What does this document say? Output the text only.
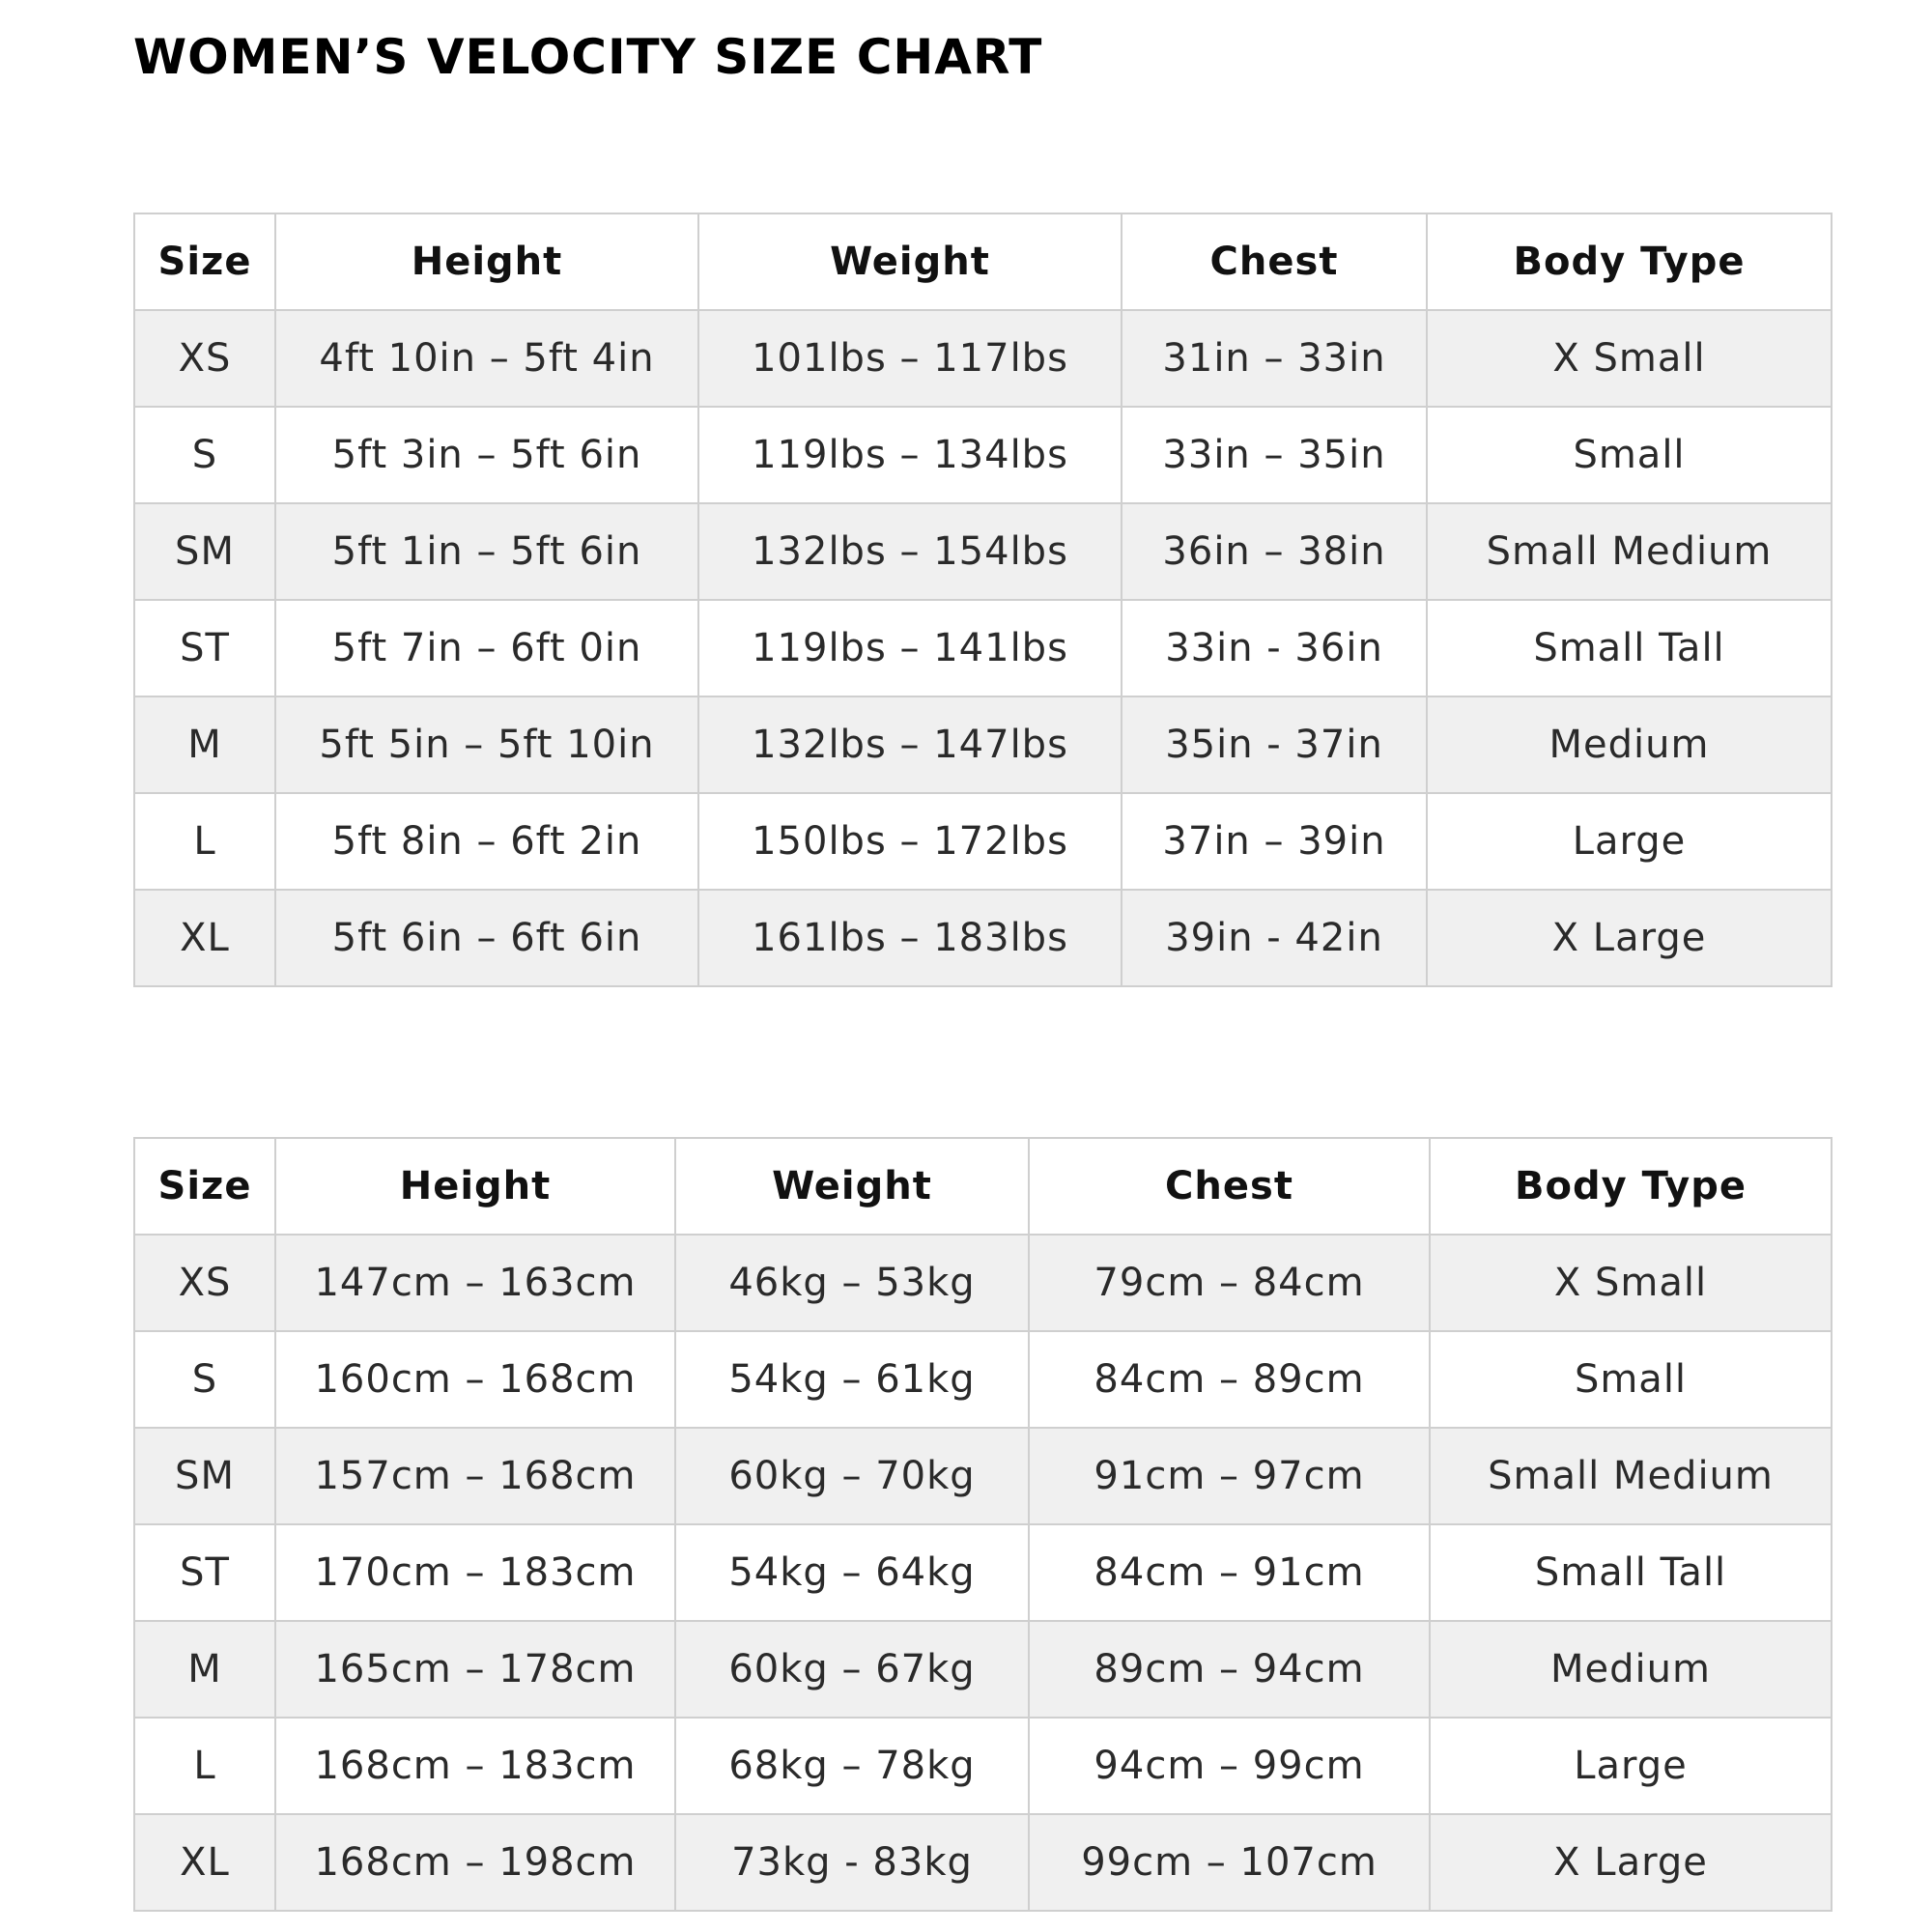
WOMEN’S VELOCITY SIZE CHART
Size	Height	Weight	Chest	Body Type
XS	4ft 10in – 5ft 4in	101lbs – 117lbs	31in – 33in	X Small
S	5ft 3in – 5ft 6in	119lbs – 134lbs	33in – 35in	Small
SM	5ft 1in – 5ft 6in	132lbs – 154lbs	36in – 38in	Small Medium
ST	5ft 7in – 6ft 0in	119lbs – 141lbs	33in - 36in	Small Tall
M	5ft 5in – 5ft 10in	132lbs – 147lbs	35in - 37in	Medium
L	5ft 8in – 6ft 2in	150lbs – 172lbs	37in – 39in	Large
XL	5ft 6in – 6ft 6in	161lbs – 183lbs	39in - 42in	X Large
Size	Height	Weight	Chest	Body Type
XS	147cm – 163cm	46kg – 53kg	79cm – 84cm	X Small
S	160cm – 168cm	54kg – 61kg	84cm – 89cm	Small
SM	157cm – 168cm	60kg – 70kg	91cm – 97cm	Small Medium
ST	170cm – 183cm	54kg – 64kg	84cm – 91cm	Small Tall
M	165cm – 178cm	60kg – 67kg	89cm – 94cm	Medium
L	168cm – 183cm	68kg – 78kg	94cm – 99cm	Large
XL	168cm – 198cm	73kg - 83kg	99cm – 107cm	X Large
